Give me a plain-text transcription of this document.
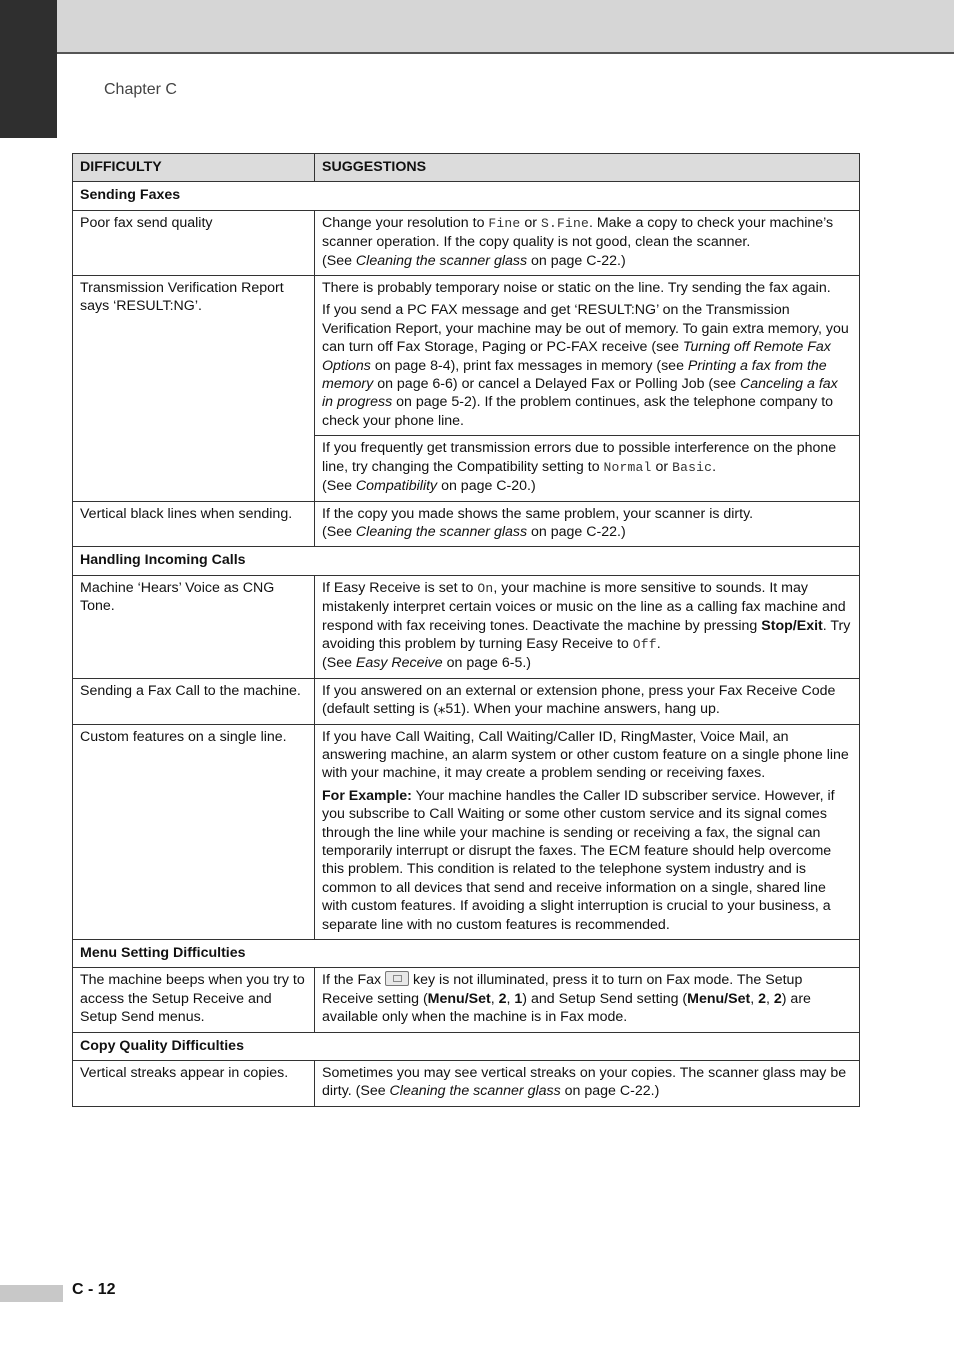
Chapter C
DIFFICULTY	SUGGESTIONS
Sending Faxes	
Poor fax send quality	Change your resolution to Fine or S.Fine. Make a copy to check your machine’s scanner operation. If the copy quality is not good, clean the scanner.
(See Cleaning the scanner glass on page C-22.)
Transmission Verification Report says ‘RESULT:NG’.	There is probably temporary noise or static on the line. Try sending the fax again.

If you send a PC FAX message and get ‘RESULT:NG’ on the Transmission Verification Report, your machine may be out of memory. To gain extra memory, you can turn off Fax Storage, Paging or PC-FAX receive (see Turning off Remote Fax Options on page 8-4), print fax messages in memory (see Printing a fax from the memory on page 6-6) or cancel a Delayed Fax or Polling Job (see Canceling a fax in progress on page 5-2). If the problem continues, ask the telephone company to check your phone line.

	If you frequently get transmission errors due to possible interference on the phone line, try changing the Compatibility setting to Normal or Basic.
(See Compatibility on page C-20.)
Vertical black lines when sending.	If the copy you made shows the same problem, your scanner is dirty.
(See Cleaning the scanner glass on page C-22.)
Handling Incoming Calls	
Machine ‘Hears’ Voice as CNG Tone.	If Easy Receive is set to On, your machine is more sensitive to sounds. It may mistakenly interpret certain voices or music on the line as a calling fax machine and respond with fax receiving tones. Deactivate the machine by pressing Stop/Exit. Try avoiding this problem by turning Easy Receive to Off.
(See Easy Receive on page 6-5.)
Sending a Fax Call to the machine.	If you answered on an external or extension phone, press your Fax Receive Code (default setting is (⁎51). When your machine answers, hang up.
Custom features on a single line.	If you have Call Waiting, Call Waiting/Caller ID, RingMaster, Voice Mail, an answering machine, an alarm system or other custom feature on a single phone line with your machine, it may create a problem sending or receiving faxes.

For Example: Your machine handles the Caller ID subscriber service. However, if you subscribe to Call Waiting or some other custom service and its signal comes through the line while your machine is sending or receiving a fax, the signal can temporarily interrupt or disrupt the faxes. The ECM feature should help overcome this problem. This condition is related to the telephone system industry and is common to all devices that send and receive information on a single, shared line with custom features. If avoiding a slight interruption is crucial to your business, a separate line with no custom features is recommended.

Menu Setting Difficulties	
The machine beeps when you try to access the Setup Receive and Setup Send menus.	If the Fax  key is not illuminated, press it to turn on Fax mode. The Setup Receive setting (Menu/Set, 2, 1) and Setup Send setting (Menu/Set, 2, 2) are available only when the machine is in Fax mode.
Copy Quality Difficulties	
Vertical streaks appear in copies.	Sometimes you may see vertical streaks on your copies. The scanner glass may be dirty. (See Cleaning the scanner glass on page C-22.)
C - 12
